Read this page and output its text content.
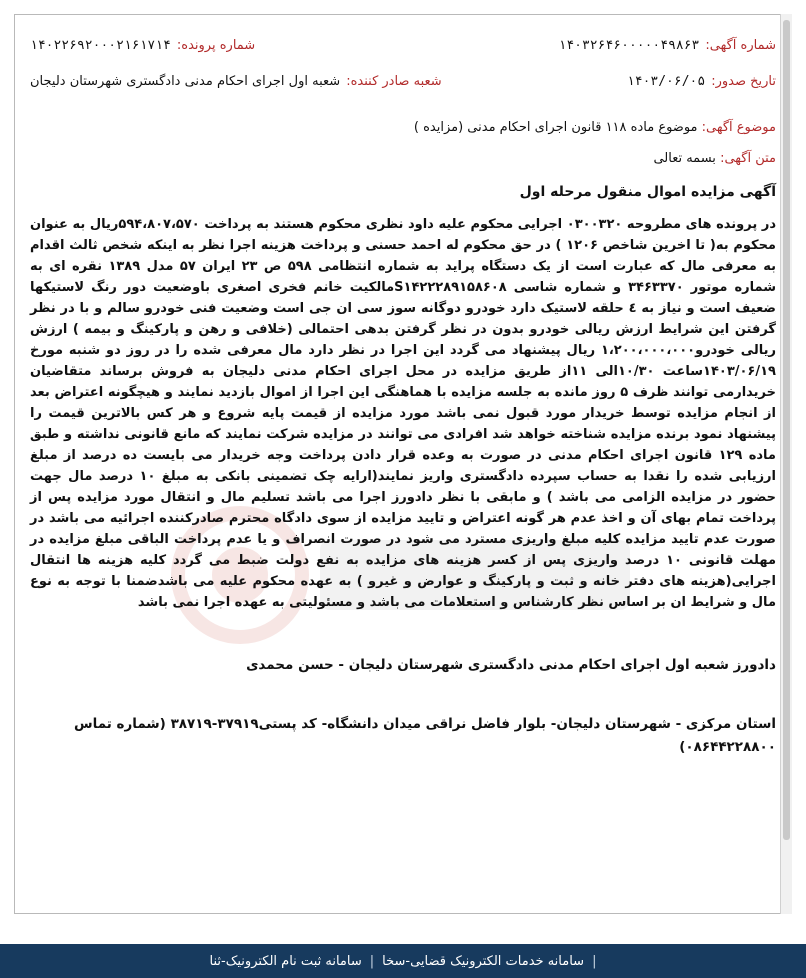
شماره آگهی:
۱۴۰۳۲۶۴۶۰۰۰۰۰۴۹۸۶۳
شماره پرونده:
۱۴۰۲۲۶۹۲۰۰۰۲۱۶۱۷۱۴
تاریخ صدور:
۱۴۰۳/۰۶/۰۵
شعبه صادر کننده:
شعبه اول اجرای احکام مدنی دادگستری شهرستان دلیجان
موضوع آگهی: موضوع ماده ۱۱۸ قانون اجرای احکام مدنی (مزایده )
متن آگهی: بسمه تعالی
آگهی مزایده اموال منقول مرحله اول
در پرونده های مطروحه ۰۳۰۰۳۲۰ اجرایی محکوم علیه داود نظری محکوم هستند به پرداخت ۵۹۴،۸۰۷،۵۷۰ریال به عنوان محکوم به( تا اخرین شاخص ۱۲۰۶ ) در حق محکوم له احمد حسنی و پرداخت هزینه اجرا نظر به اینکه شخص ثالث اقدام به معرفی مال که عبارت است از یک دستگاه پراید به شماره انتظامی ۵۹۸ ص ۲۳ ایران ۵۷ مدل ۱۳۸۹ نقره ای به شماره موتور ۳۴۶۳۳۷۰ و شماره شاسی S۱۴۲۲۲۸۹۱۵۸۶۰۸مالکیت خانم فخری اصغری باوضعیت دور رنگ لاستیکها ضعیف است و نیاز به ٤ حلقه لاستیک دارد خودرو دوگانه سوز سی ان جی است وضعیت فنی خودرو سالم و با در نظر گرفتن این شرایط ارزش ریالی خودرو بدون در نظر گرفتن بدهی احتمالی (خلافی و رهن و پارکینگ و بیمه ) ارزش ریالی خودرو۱،۲۰۰،۰۰۰،۰۰۰ ریال پیشنهاد می گردد این اجرا در نظر دارد مال معرفی شده را در روز دو شنبه مورخ ۱۴۰۳/۰۶/۱۹ساعت ۱۰/۳۰الی ۱۱از طریق مزایده در محل اجرای احکام مدنی دلیجان به فروش برساند متقاضیان خریدارمی توانند ظرف ۵ روز مانده به جلسه مزایده با هماهنگی این اجرا از اموال بازدید نمایند و هیچگونه اعتراض بعد از انجام مزایده توسط خریدار مورد قبول نمی باشد مورد مزایده از قیمت پایه شروع و هر کس بالاترین قیمت را پیشنهاد نمود برنده مزایده شناخته خواهد شد افرادی می توانند در مزایده شرکت نمایند که مانع قانونی نداشته و طبق ماده ۱۲۹ قانون اجرای احکام مدنی در صورت به وعده قرار دادن پرداخت وجه خریدار می بایست ده درصد از مبلغ ارزیابی شده را نقدا به حساب سپرده دادگستری واریز نمایند(ارایه چک تضمینی بانکی به مبلغ ۱۰ درصد مال جهت حضور در مزایده الزامی می باشد ) و مابقی با نظر دادورز اجرا می باشد تسلیم مال و انتقال مورد مزایده پس از پرداخت تمام بهای آن و اخذ عدم هر گونه اعتراض و تایید مزایده از سوی دادگاه محترم صادرکننده اجرائیه می باشد در صورت عدم تایید مزایده کلیه مبلغ واریزی مسترد می شود در صورت انصراف و یا عدم پرداخت الباقی مبلغ مزایده در مهلت قانونی ۱۰ درصد واریزی پس از کسر هزینه های مزایده به نفع دولت ضبط می گردد کلیه هزینه ها انتقال اجرایی(هزینه های دفتر خانه و ثبت و پارکینگ و عوارض و غیرو ) به عهده محکوم علیه می باشدضمنا با توجه به نوع مال و شرایط ان بر اساس نظر کارشناس و استعلامات می باشد و مسئولیتی به عهده اجرا نمی باشد
دادورز شعبه اول اجرای احکام مدنی دادگستری شهرستان دلیجان - حسن محمدی
استان مرکزی - شهرستان دلیجان- بلوار فاضل نراقی میدان دانشگاه- کد پستی۳۷۹۱۹-۳۸۷۱۹ (شماره تماس ۰۸۶۴۴۲۲۸۸۰۰)
|
سامانه خدمات الکترونیک قضایی-سخا
|
سامانه ثبت نام الکترونیک-ثنا
